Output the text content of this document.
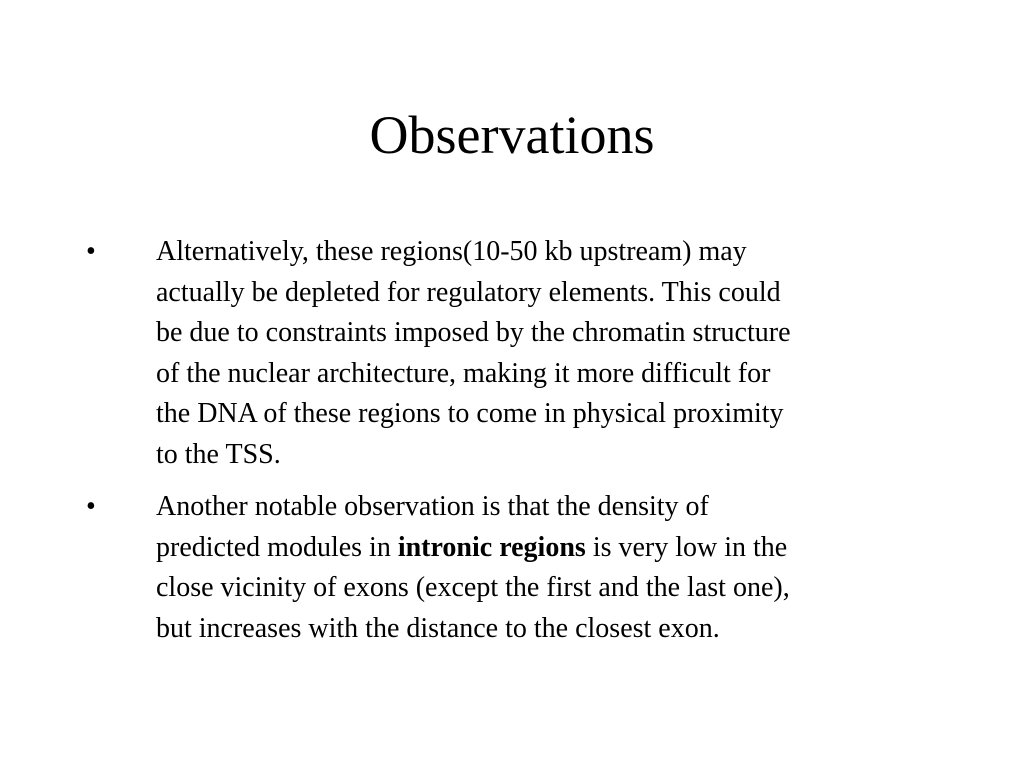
Observations
• Alternatively, these regions(10-50 kb upstream) may
actually be depleted for regulatory elements. This could
be due to constraints imposed by the chromatin structure
of the nuclear architecture, making it more difficult for
the DNA of these regions to come in physical proximity
to the TSS.
• Another notable observation is that the density of
predicted modules in intronic regions is very low in the
close vicinity of exons (except the first and the last one),
but increases with the distance to the closest exon.
